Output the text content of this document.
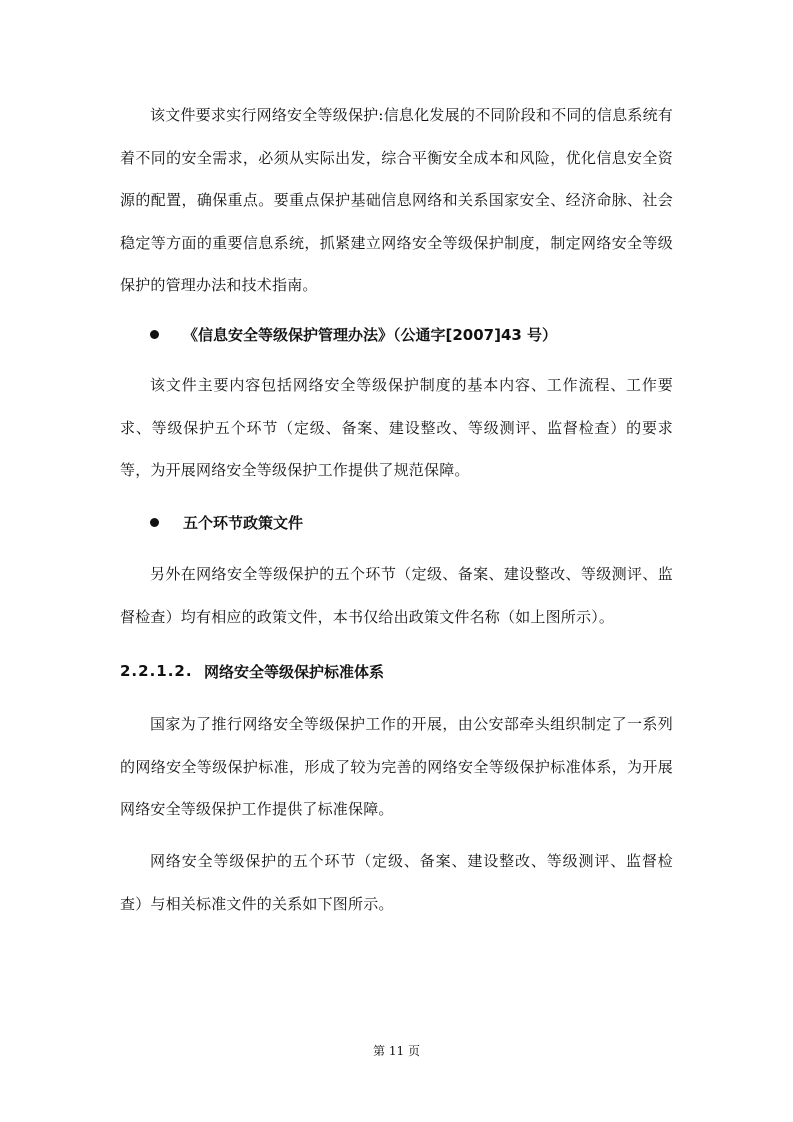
该文件要求实行网络安全等级保护:信息化发展的不同阶段和不同的信息系统有着不同的安全需求，必须从实际出发，综合平衡安全成本和风险，优化信息安全资源的配置，确保重点。要重点保护基础信息网络和关系国家安全、经济命脉、社会稳定等方面的重要信息系统，抓紧建立网络安全等级保护制度，制定网络安全等级保护的管理办法和技术指南。

《信息安全等级保护管理办法》（公通字[2007]43 号）

该文件主要内容包括网络安全等级保护制度的基本内容、工作流程、工作要求、等级保护五个环节（定级、备案、建设整改、等级测评、监督检查）的要求等，为开展网络安全等级保护工作提供了规范保障。

五个环节政策文件

另外在网络安全等级保护的五个环节（定级、备案、建设整改、等级测评、监督检查）均有相应的政策文件，本书仅给出政策文件名称（如上图所示）。

2.2.1.2. 网络安全等级保护标准体系

国家为了推行网络安全等级保护工作的开展，由公安部牵头组织制定了一系列的网络安全等级保护标准，形成了较为完善的网络安全等级保护标准体系，为开展网络安全等级保护工作提供了标准保障。

网络安全等级保护的五个环节（定级、备案、建设整改、等级测评、监督检查）与相关标准文件的关系如下图所示。

第 11 页
